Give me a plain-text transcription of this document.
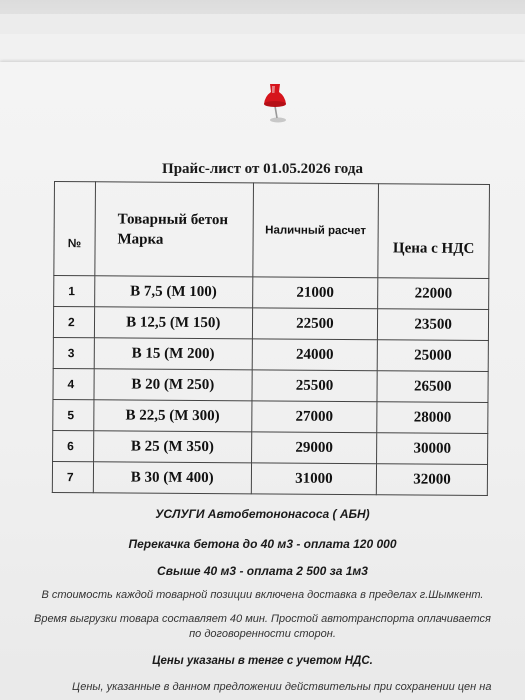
Прайс-лист от 01.05.2026 года
№	Товарный бетон Марка	Наличный расчет	Цена с НДС
1	В 7,5 (М 100)	21000	22000
2	В 12,5 (М 150)	22500	23500
3	В 15 (М 200)	24000	25000
4	В 20 (М 250)	25500	26500
5	В 22,5 (М 300)	27000	28000
6	В 25 (М 350)	29000	30000
7	В 30 (М 400)	31000	32000
УСЛУГИ Автобетононасоса ( АБН)
Перекачка бетона до 40 м3 - оплата 120 000
Свыше 40 м3 - оплата 2 500 за 1м3
В стоимость каждой товарной позиции включена доставка в пределах г.Шымкент.
Время выгрузки товара составляет 40 мин. Простой автотранспорта оплачивается
по договоренности сторон.
Цены указаны в тенге с учетом НДС.
Цены, указанные в данном предложении действительны при сохранении цен на
